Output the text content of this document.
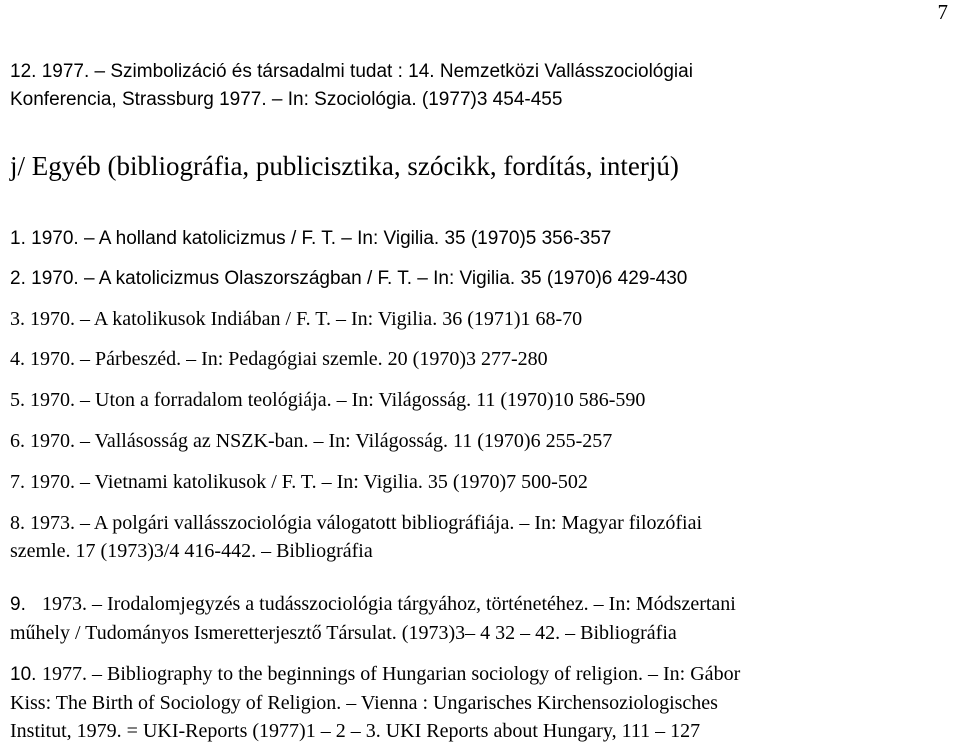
7
12. 1977. – Szimbolizáció és társadalmi tudat : 14. Nemzetközi Vallásszociológiai
Konferencia, Strassburg 1977. – In: Szociológia. (1977)3 454-455
j/ Egyéb (bibliográfia, publicisztika, szócikk, fordítás, interjú)
1. 1970. – A holland katolicizmus / F. T. – In: Vigilia. 35 (1970)5 356-357
2. 1970. – A katolicizmus Olaszországban / F. T. – In: Vigilia. 35 (1970)6 429-430
3. 1970. – A katolikusok Indiában / F. T. – In: Vigilia. 36 (1971)1 68-70
4. 1970. – Párbeszéd. – In: Pedagógiai szemle. 20 (1970)3 277-280
5. 1970. – Uton a forradalom teológiája. – In: Világosság. 11 (1970)10 586-590
6. 1970. – Vallásosság az NSZK-ban. – In: Világosság. 11 (1970)6 255-257
7. 1970. – Vietnami katolikusok / F. T. – In: Vigilia. 35 (1970)7 500-502
8. 1973. – A polgári vallásszociológia válogatott bibliográfiája. – In: Magyar filozófiai
szemle. 17 (1973)3/4 416-442. – Bibliográfia
9. 1973. – Irodalomjegyzés a tudásszociológia tárgyához, történetéhez. – In: Módszertani
műhely / Tudományos Ismeretterjesztő Társulat. (1973)3– 4 32 – 42. – Bibliográfia
10. 1977. – Bibliography to the beginnings of Hungarian sociology of religion. – In: Gábor
Kiss: The Birth of Sociology of Religion. – Vienna : Ungarisches Kirchensoziologisches
Institut, 1979. = UKI-Reports (1977)1 – 2 – 3. UKI Reports about Hungary, 111 – 127
